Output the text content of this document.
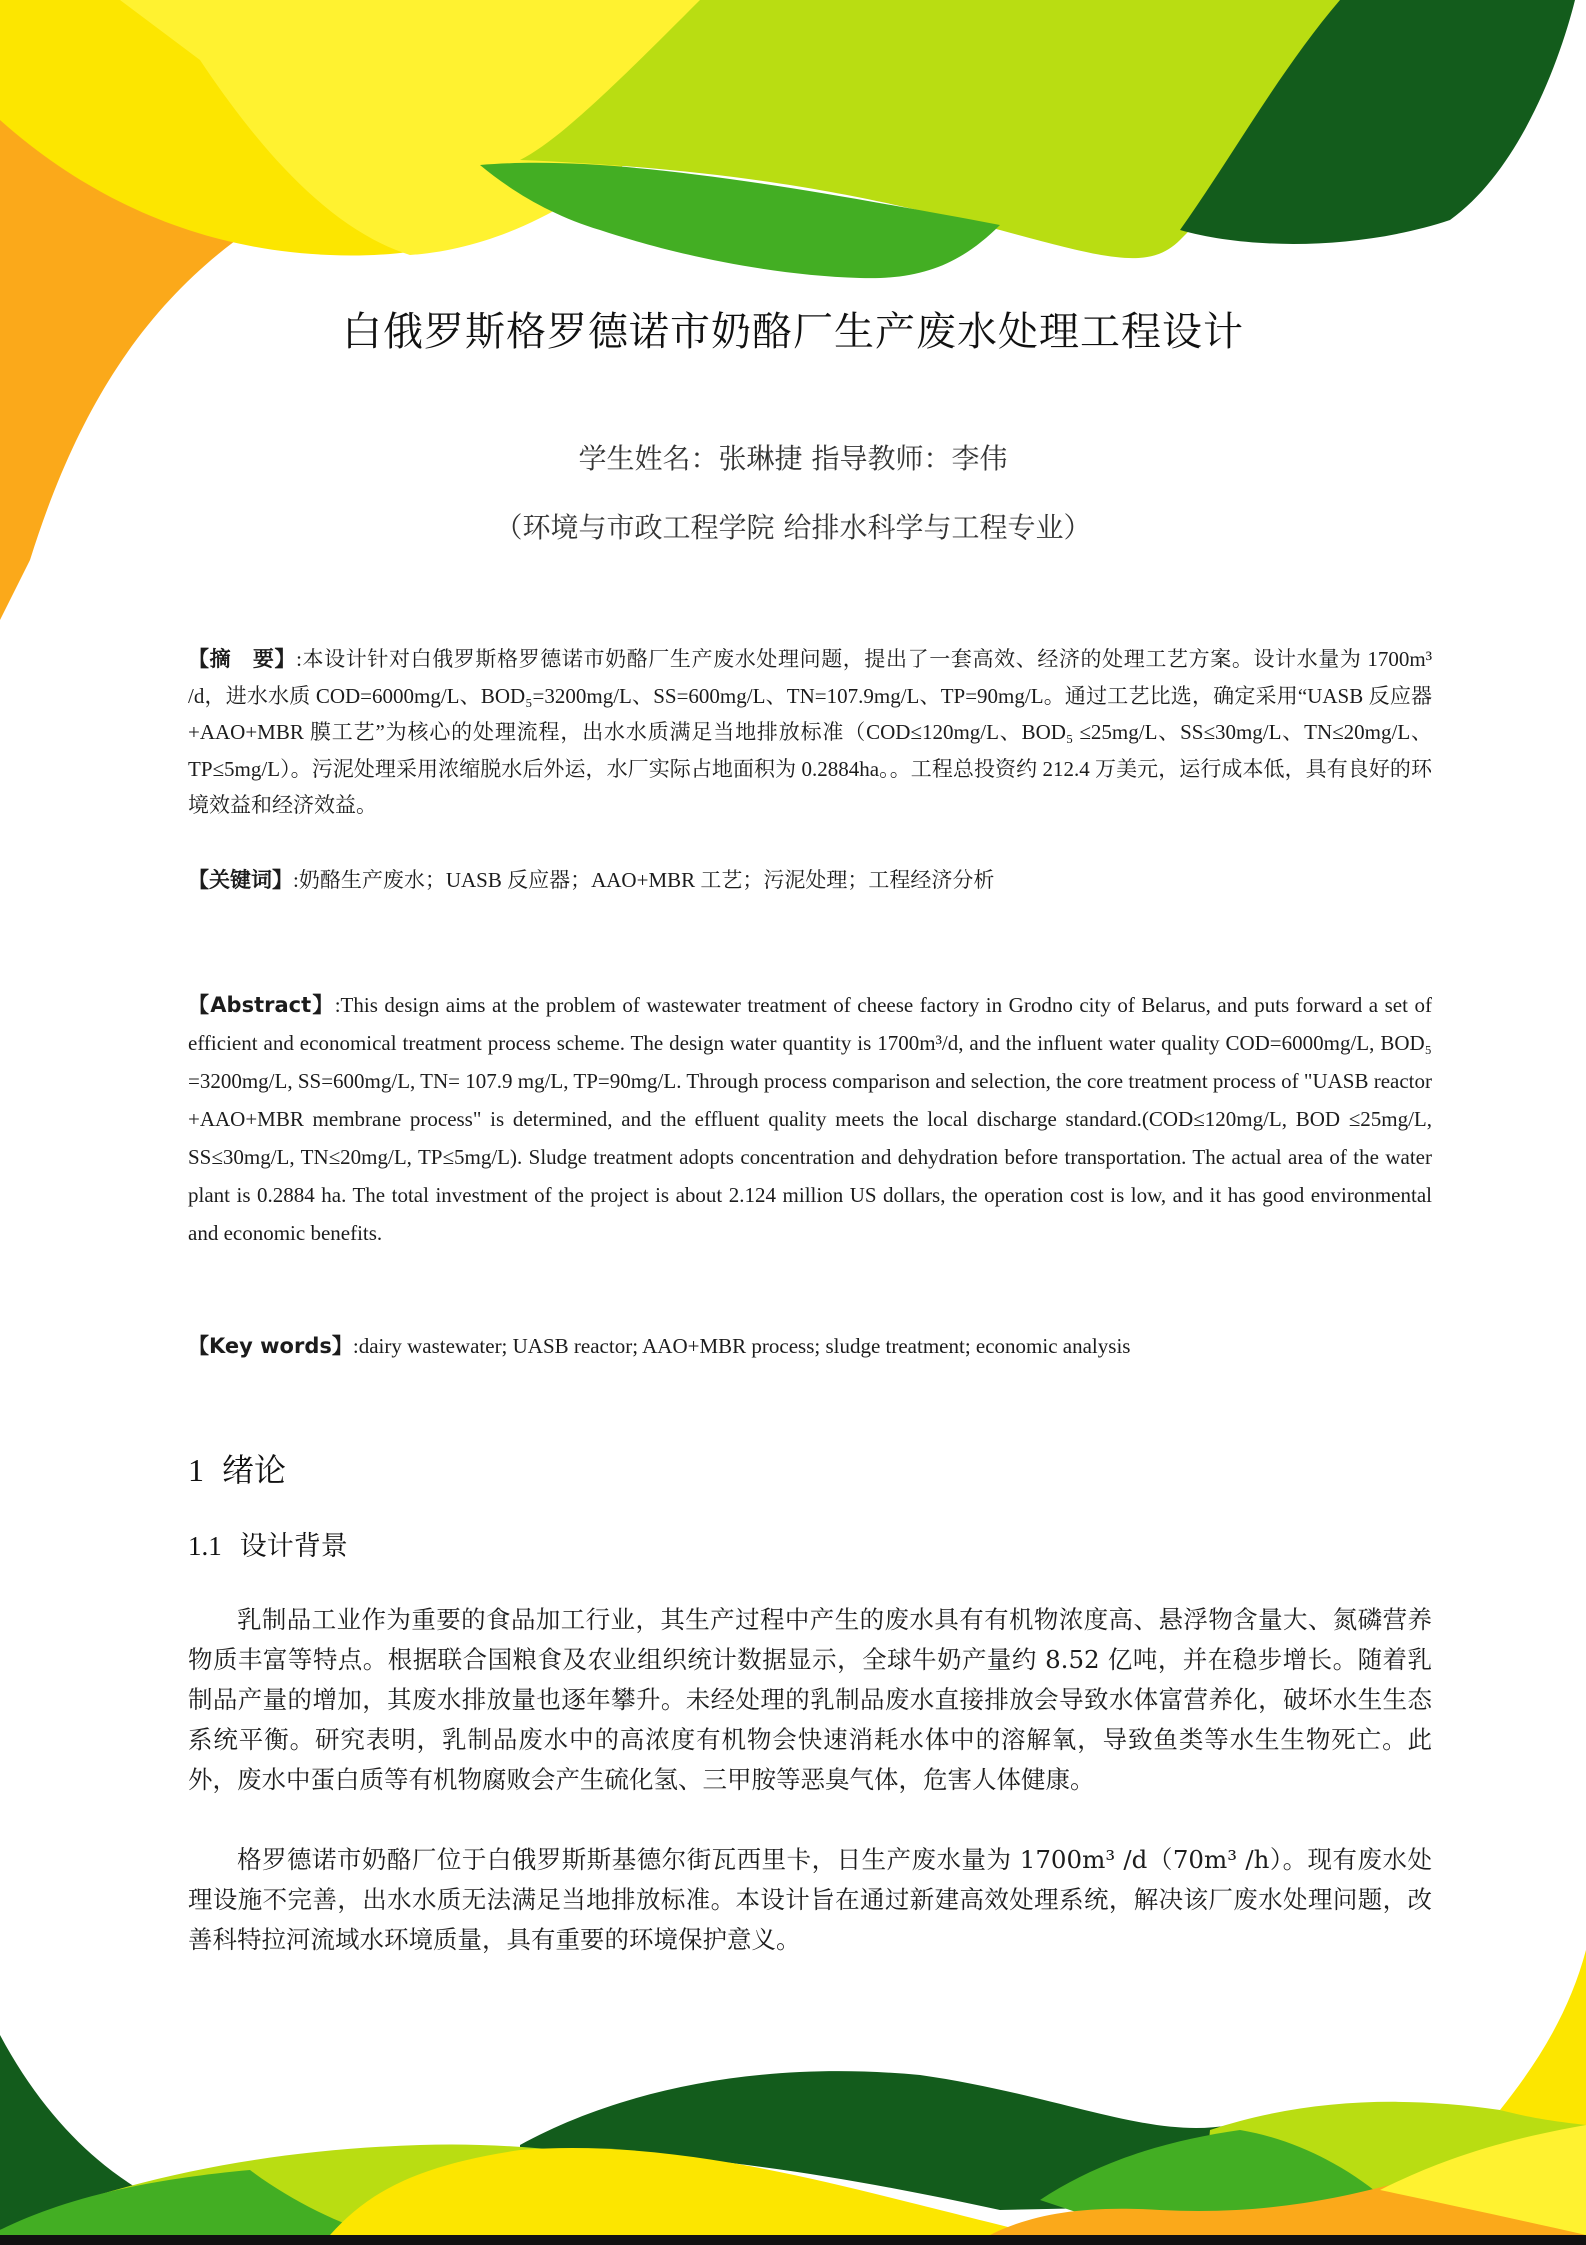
白俄罗斯格罗德诺市奶酪厂生产废水处理工程设计
学生姓名：张琳捷 指导教师：李伟
（环境与市政工程学院 给排水科学与工程专业）
【摘　要】:本设计针对白俄罗斯格罗德诺市奶酪厂生产废水处理问题，提出了一套高效、经济的处理工艺方案。设计水量为 1700m³ /d，进水水质 COD=6000mg/L、BOD₅=3200mg/L、SS=600mg/L、TN=107.9mg/L、TP=90mg/L。通过工艺比选，确定采用“UASB 反应器+AAO+MBR 膜工艺”为核心的处理流程，出水水质满足当地排放标准（COD≤120mg/L、BOD₅ ≤25mg/L、SS≤30mg/L、TN≤20mg/L、TP≤5mg/L）。污泥处理采用浓缩脱水后外运，水厂实际占地面积为 0.2884ha。。工程总投资约 212.4 万美元，运行成本低，具有良好的环境效益和经济效益。
【关键词】:奶酪生产废水；UASB 反应器；AAO+MBR 工艺；污泥处理；工程经济分析
【Abstract】:This design aims at the problem of wastewater treatment of cheese factory in Grodno city of Belarus, and puts forward a set of efficient and economical treatment process scheme. The design water quantity is 1700m³/d, and the influent water quality COD=6000mg/L, BOD₅ =3200mg/L, SS=600mg/L, TN= 107.9 mg/L, TP=90mg/L. Through process comparison and selection, the core treatment process of "UASB reactor +AAO+MBR membrane process" is determined, and the effluent quality meets the local discharge standard.(COD≤120mg/L, BOD ≤25mg/L, SS≤30mg/L, TN≤20mg/L, TP≤5mg/L). Sludge treatment adopts concentration and dehydration before transportation. The actual area of the water plant is 0.2884 ha. The total investment of the project is about 2.124 million US dollars, the operation cost is low, and it has good environmental and economic benefits.
【Key words】:dairy wastewater; UASB reactor; AAO+MBR process; sludge treatment; economic analysis
1 绪论
1.1 设计背景
乳制品工业作为重要的食品加工行业，其生产过程中产生的废水具有有机物浓度高、悬浮物含量大、氮磷营养物质丰富等特点。根据联合国粮食及农业组织统计数据显示，全球牛奶产量约 8.52 亿吨，并在稳步增长。随着乳制品产量的增加，其废水排放量也逐年攀升。未经处理的乳制品废水直接排放会导致水体富营养化，破坏水生生态系统平衡。研究表明，乳制品废水中的高浓度有机物会快速消耗水体中的溶解氧，导致鱼类等水生生物死亡。此外，废水中蛋白质等有机物腐败会产生硫化氢、三甲胺等恶臭气体，危害人体健康。
格罗德诺市奶酪厂位于白俄罗斯斯基德尔街瓦西里卡，日生产废水量为 1700m³ /d（70m³ /h）。现有废水处理设施不完善，出水水质无法满足当地排放标准。本设计旨在通过新建高效处理系统，解决该厂废水处理问题，改善科特拉河流域水环境质量，具有重要的环境保护意义。
